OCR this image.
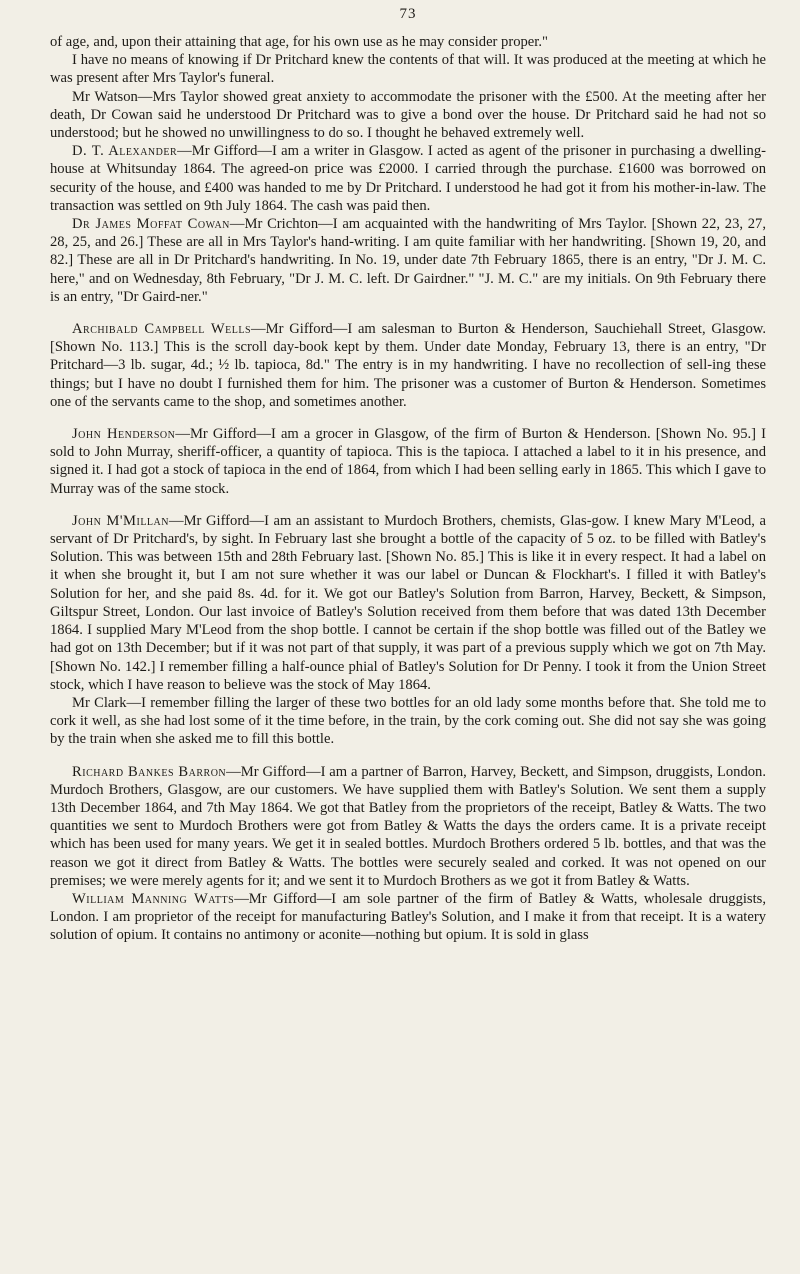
73

of age, and, upon their attaining that age, for his own use as he may consider proper."

I have no means of knowing if Dr Pritchard knew the contents of that will. It was produced at the meeting at which he was present after Mrs Taylor's funeral.

Mr Watson—Mrs Taylor showed great anxiety to accommodate the prisoner with the £500. At the meeting after her death, Dr Cowan said he understood Dr Pritchard was to give a bond over the house. Dr Pritchard said he had not so understood; but he showed no unwillingness to do so. I thought he behaved extremely well.

D. T. Alexander—Mr Gifford—I am a writer in Glasgow. I acted as agent of the prisoner in purchasing a dwelling-house at Whitsunday 1864. The agreed-on price was £2000. I carried through the purchase. £1600 was borrowed on security of the house, and £400 was handed to me by Dr Pritchard. I understood he had got it from his mother-in-law. The transaction was settled on 9th July 1864. The cash was paid then.

Dr James Moffat Cowan—Mr Crichton—I am acquainted with the handwriting of Mrs Taylor. [Shown 22, 23, 27, 28, 25, and 26.] These are all in Mrs Taylor's hand-writing. I am quite familiar with her handwriting. [Shown 19, 20, and 82.] These are all in Dr Pritchard's handwriting. In No. 19, under date 7th February 1865, there is an entry, "Dr J. M. C. here," and on Wednesday, 8th February, "Dr J. M. C. left. Dr Gairdner." "J. M. C." are my initials. On 9th February there is an entry, "Dr Gaird-ner."

Archibald Campbell Wells—Mr Gifford—I am salesman to Burton & Henderson, Sauchiehall Street, Glasgow. [Shown No. 113.] This is the scroll day-book kept by them. Under date Monday, February 13, there is an entry, "Dr Pritchard—3 lb. sugar, 4d.; ½ lb. tapioca, 8d." The entry is in my handwriting. I have no recollection of sell-ing these things; but I have no doubt I furnished them for him. The prisoner was a customer of Burton & Henderson. Sometimes one of the servants came to the shop, and sometimes another.

John Henderson—Mr Gifford—I am a grocer in Glasgow, of the firm of Burton & Henderson. [Shown No. 95.] I sold to John Murray, sheriff-officer, a quantity of tapioca. This is the tapioca. I attached a label to it in his presence, and signed it. I had got a stock of tapioca in the end of 1864, from which I had been selling early in 1865. This which I gave to Murray was of the same stock.

John M'Millan—Mr Gifford—I am an assistant to Murdoch Brothers, chemists, Glas-gow. I knew Mary M'Leod, a servant of Dr Pritchard's, by sight. In February last she brought a bottle of the capacity of 5 oz. to be filled with Batley's Solution. This was between 15th and 28th February last. [Shown No. 85.] This is like it in every respect. It had a label on it when she brought it, but I am not sure whether it was our label or Duncan & Flockhart's. I filled it with Batley's Solution for her, and she paid 8s. 4d. for it. We got our Batley's Solution from Barron, Harvey, Beckett, & Simpson, Giltspur Street, London. Our last invoice of Batley's Solution received from them before that was dated 13th December 1864. I supplied Mary M'Leod from the shop bottle. I cannot be certain if the shop bottle was filled out of the Batley we had got on 13th December; but if it was not part of that supply, it was part of a previous supply which we got on 7th May. [Shown No. 142.] I remember filling a half-ounce phial of Batley's Solution for Dr Penny. I took it from the Union Street stock, which I have reason to believe was the stock of May 1864.

Mr Clark—I remember filling the larger of these two bottles for an old lady some months before that. She told me to cork it well, as she had lost some of it the time before, in the train, by the cork coming out. She did not say she was going by the train when she asked me to fill this bottle.

Richard Bankes Barron—Mr Gifford—I am a partner of Barron, Harvey, Beckett, and Simpson, druggists, London. Murdoch Brothers, Glasgow, are our customers. We have supplied them with Batley's Solution. We sent them a supply 13th December 1864, and 7th May 1864. We got that Batley from the proprietors of the receipt, Batley & Watts. The two quantities we sent to Murdoch Brothers were got from Batley & Watts the days the orders came. It is a private receipt which has been used for many years. We get it in sealed bottles. Murdoch Brothers ordered 5 lb. bottles, and that was the reason we got it direct from Batley & Watts. The bottles were securely sealed and corked. It was not opened on our premises; we were merely agents for it; and we sent it to Murdoch Brothers as we got it from Batley & Watts.

William Manning Watts—Mr Gifford—I am sole partner of the firm of Batley & Watts, wholesale druggists, London. I am proprietor of the receipt for manufacturing Batley's Solution, and I make it from that receipt. It is a watery solution of opium. It contains no antimony or aconite—nothing but opium. It is sold in glass
